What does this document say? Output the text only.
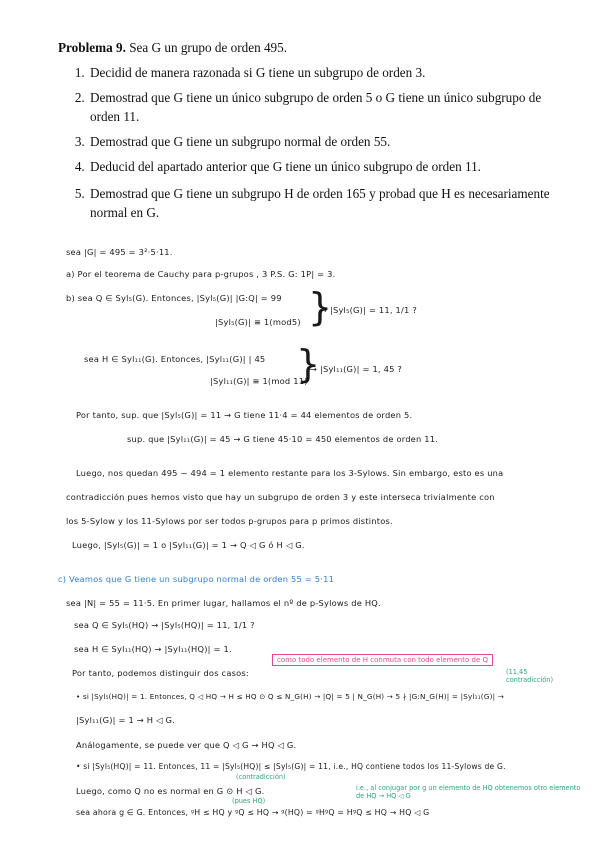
Problema 9. Sea G un grupo de orden 495.

1. Decidid de manera razonada si G tiene un subgrupo de orden 3.
2. Demostrad que G tiene un único subgrupo de orden 5 o G tiene un único subgrupo de orden 11.
3. Demostrad que G tiene un subgrupo normal de orden 55.
4. Deducid del apartado anterior que G tiene un único subgrupo de orden 11.
5. Demostrad que G tiene un subgrupo H de orden 165 y probad que H es necesariamente normal en G.
sea |G| = 495 = 3²·5·11.
a) Por el teorema de Cauchy para p-grupos , 3 P.S. G: 1P| = 3.
b) sea Q ∈ Syl₅(G). Entonces, |Syl₅(G)| |G:Q| = 99
|Syl₅(G)| ≡ 1(mod5) }
→ |Syl₅(G)| = 11, 1/1 ?
sea H ∈ Syl₁₁(G). Entonces, |Syl₁₁(G)| | 45
|Syl₁₁(G)| ≡ 1(mod 11)
}
→ |Syl₁₁(G)| = 1, 45 ?
Por tanto, sup. que |Syl₅(G)| = 11 → G tiene 11·4 = 44 elementos de orden 5.
sup. que |Syl₁₁(G)| = 45 → G tiene 45·10 = 450 elementos de orden 11.
Luego, nos quedan 495 − 494 = 1 elemento restante para los 3-Sylows. Sin embargo, esto es una
contradicción pues hemos visto que hay un subgrupo de orden 3 y este interseca trivialmente con
los 5-Sylow y los 11-Sylows por ser todos p-grupos para p primos distintos.
Luego, |Syl₅(G)| = 1 o |Syl₁₁(G)| = 1 → Q ◁ G ó H ◁ G.
c) Veamos que G tiene un subgrupo normal de orden 55 = 5·11
sea |N| = 55 = 11·5. En primer lugar, hallamos el nº de p-Sylows de HQ.
sea Q ∈ Syl₅(HQ) → |Syl₅(HQ)| = 11, 1/1 ?
sea H ∈ Syl₁₁(HQ) → |Syl₁₁(HQ)| = 1.
como todo elemento de H conmuta con todo elemento de Q
Por tanto, podemos distinguir dos casos:	(11,45 contradicción)
• si |Syl₅(HQ)| = 1. Entonces, Q ◁ HQ → H ≤ HQ ⊙ Q ≤ N_G(H) → |Q| = 5 | N_G(H) → 5 ∤ |G:N_G(H)| = |Syl₁₁(G)| →
|Syl₁₁(G)| = 1 → H ◁ G.
Análogamente, se puede ver que Q ◁ G → HQ ◁ G.
(contradicción)
• si |Syl₅(HQ)| = 11. Entonces, 11 = |Syl₅(HQ)| ≤ |Syl₅(G)| = 11, i.e., HQ contiene todos los 11-Sylows de G.
i.e., al conjugar por g un elemento de HQ obtenemos otro elemento de HQ → HQ ◁ G
Luego, como Q no es normal en G ⊙ H ◁ G.
(pues HQ)
sea ahora g ∈ G. Entonces, ᵍH ≤ HQ y ᵍQ ≤ HQ → ᵍ(HQ) = ᵍHᵍQ = HᵍQ ≤ HQ → HQ ◁ G
